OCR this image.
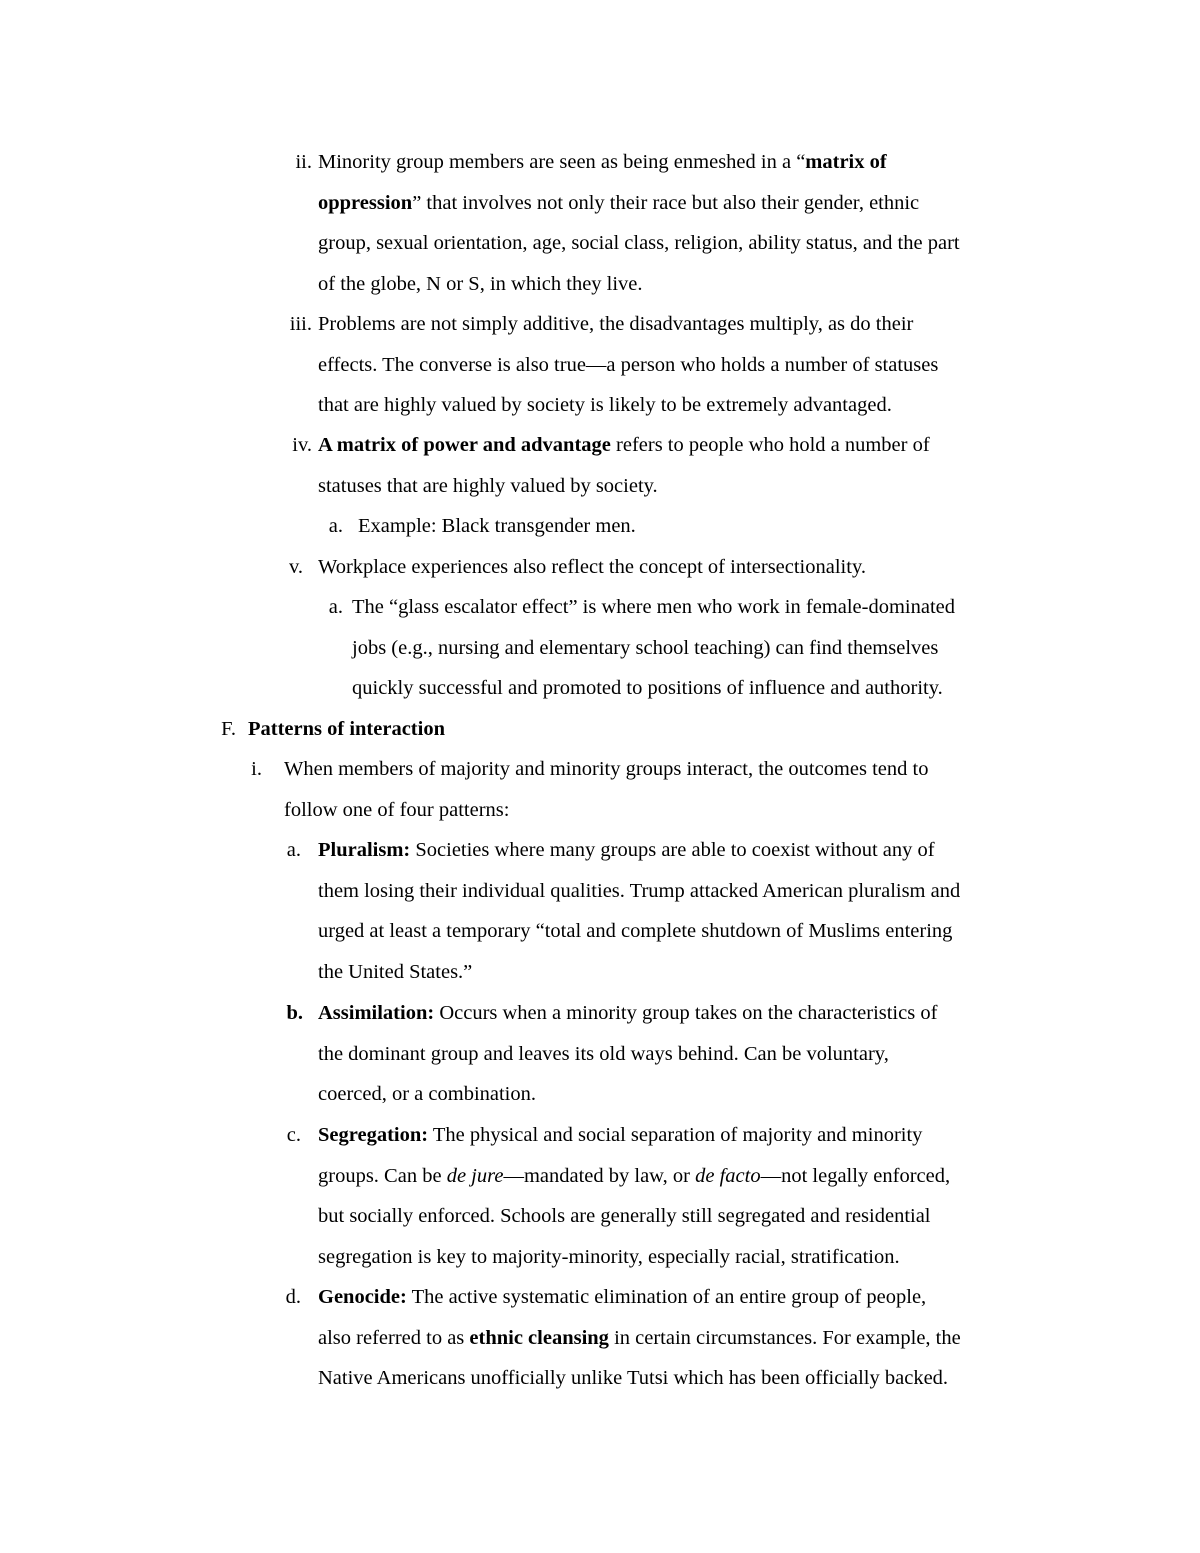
ii. Minority group members are seen as being enmeshed in a “matrix of
oppression” that involves not only their race but also their gender, ethnic
group, sexual orientation, age, social class, religion, ability status, and the part
of the globe, N or S, in which they live.
iii. Problems are not simply additive, the disadvantages multiply, as do their
effects. The converse is also true—a person who holds a number of statuses
that are highly valued by society is likely to be extremely advantaged.
iv. A matrix of power and advantage refers to people who hold a number of
statuses that are highly valued by society.
a. Example: Black transgender men.
v. Workplace experiences also reflect the concept of intersectionality.
a. The “glass escalator effect” is where men who work in female-dominated
jobs (e.g., nursing and elementary school teaching) can find themselves
quickly successful and promoted to positions of influence and authority.
F. Patterns of interaction
i. When members of majority and minority groups interact, the outcomes tend to
follow one of four patterns:
a. Pluralism: Societies where many groups are able to coexist without any of
them losing their individual qualities. Trump attacked American pluralism and
urged at least a temporary “total and complete shutdown of Muslims entering
the United States.”
b. Assimilation: Occurs when a minority group takes on the characteristics of
the dominant group and leaves its old ways behind. Can be voluntary,
coerced, or a combination.
c. Segregation: The physical and social separation of majority and minority
groups. Can be de jure—mandated by law, or de facto—not legally enforced,
but socially enforced. Schools are generally still segregated and residential
segregation is key to majority-minority, especially racial, stratification.
d. Genocide: The active systematic elimination of an entire group of people,
also referred to as ethnic cleansing in certain circumstances. For example, the
Native Americans unofficially unlike Tutsi which has been officially backed.
